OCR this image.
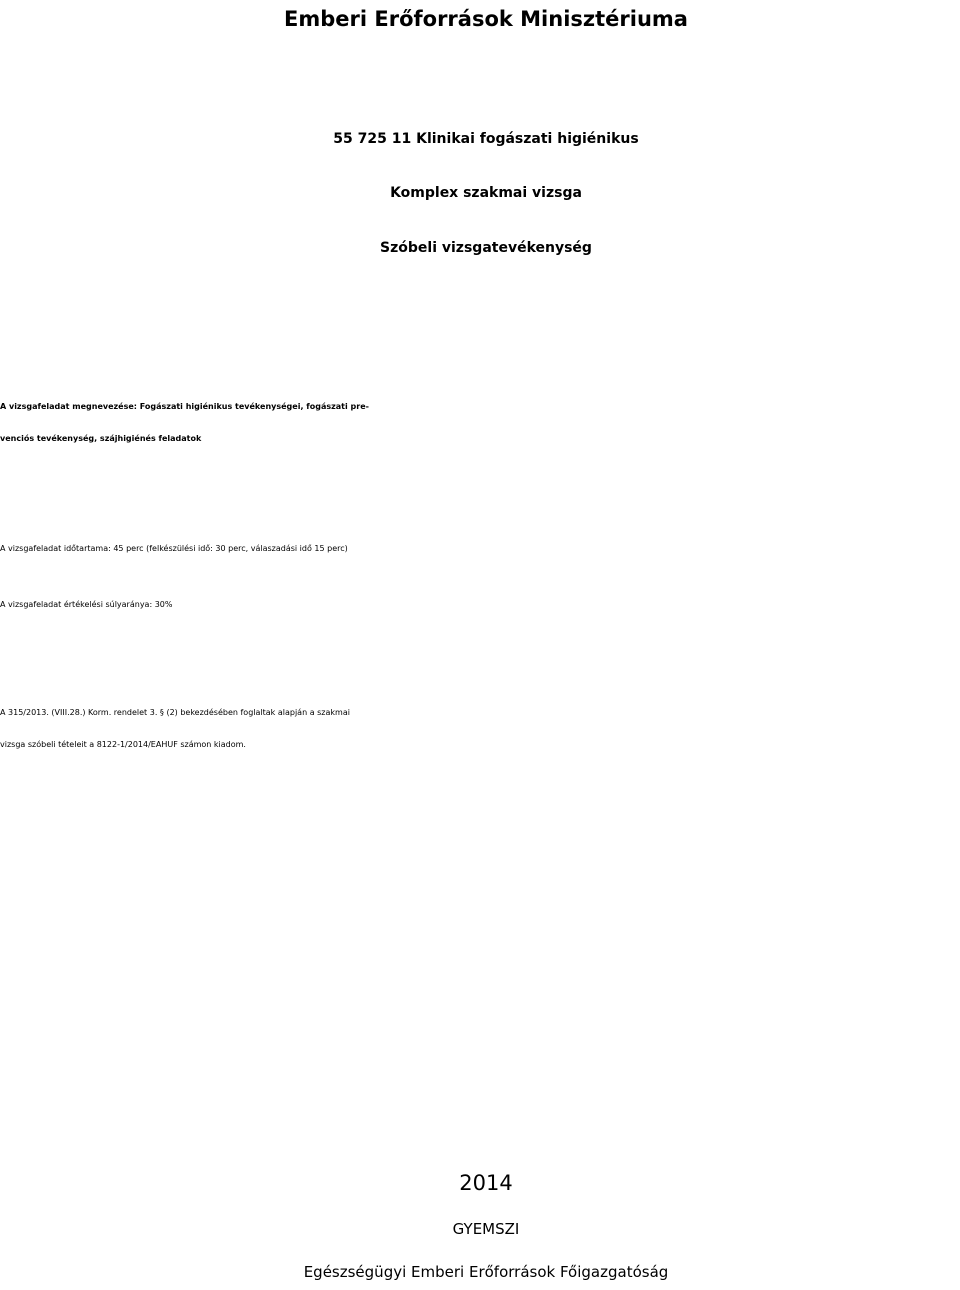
Emberi Erőforrások Minisztériuma
55 725 11 Klinikai fogászati higiénikus
Komplex szakmai vizsga
Szóbeli vizsgatevékenység
A vizsgafeladat megnevezése: Fogászati higiénikus tevékenységei, fogászati pre-
venciós tevékenység, szájhigiénés feladatok
A vizsgafeladat időtartama: 45 perc (felkészülési idő: 30 perc, válaszadási idő 15 perc)
A vizsgafeladat értékelési súlyaránya: 30%
A 315/2013. (VIII.28.) Korm. rendelet 3. § (2) bekezdésében foglaltak alapján a szakmai
vizsga szóbeli tételeit a 8122-1/2014/EAHUF számon kiadom.
2014
GYEMSZI
Egészségügyi Emberi Erőforrások Főigazgatóság
